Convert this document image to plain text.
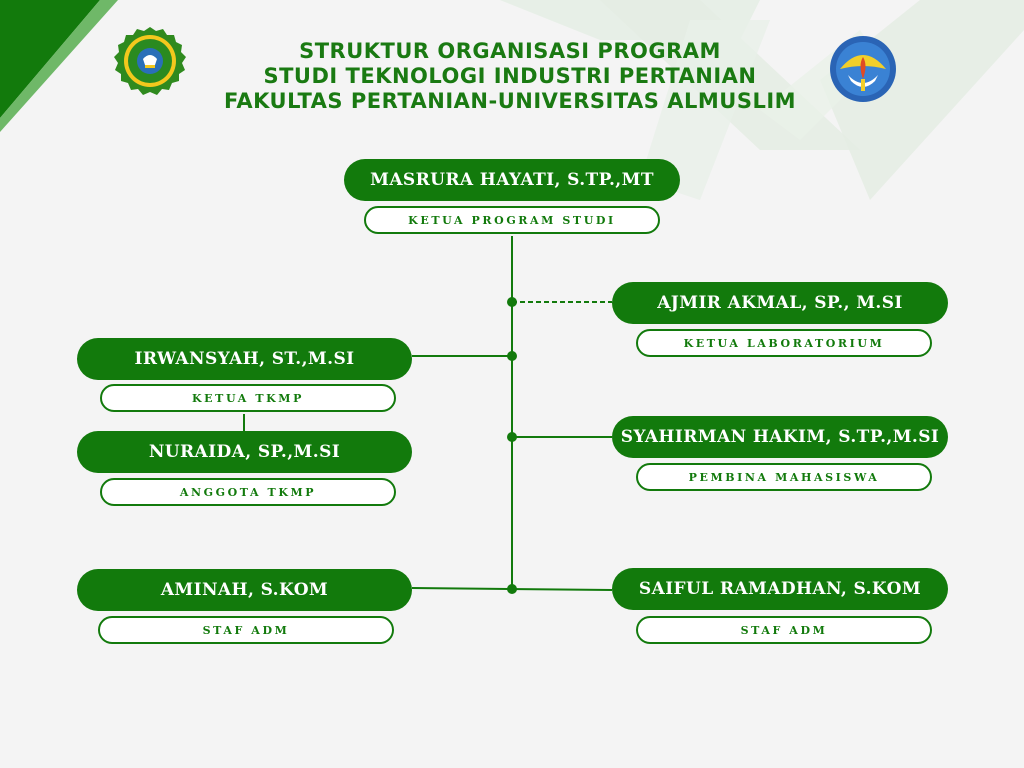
STRUKTUR ORGANISASI PROGRAM
STUDI TEKNOLOGI INDUSTRI PERTANIAN
FAKULTAS PERTANIAN-UNIVERSITAS ALMUSLIM
MASRURA HAYATI, S.TP.,MT
KETUA PROGRAM STUDI
AJMIR AKMAL, SP., M.SI
KETUA LABORATORIUM
IRWANSYAH, ST.,M.SI
KETUA TKMP
NURAIDA, SP.,M.SI
ANGGOTA TKMP
SYAHIRMAN HAKIM, S.TP.,M.SI
PEMBINA MAHASISWA
AMINAH, S.KOM
STAF ADM
SAIFUL RAMADHAN, S.KOM
STAF ADM
